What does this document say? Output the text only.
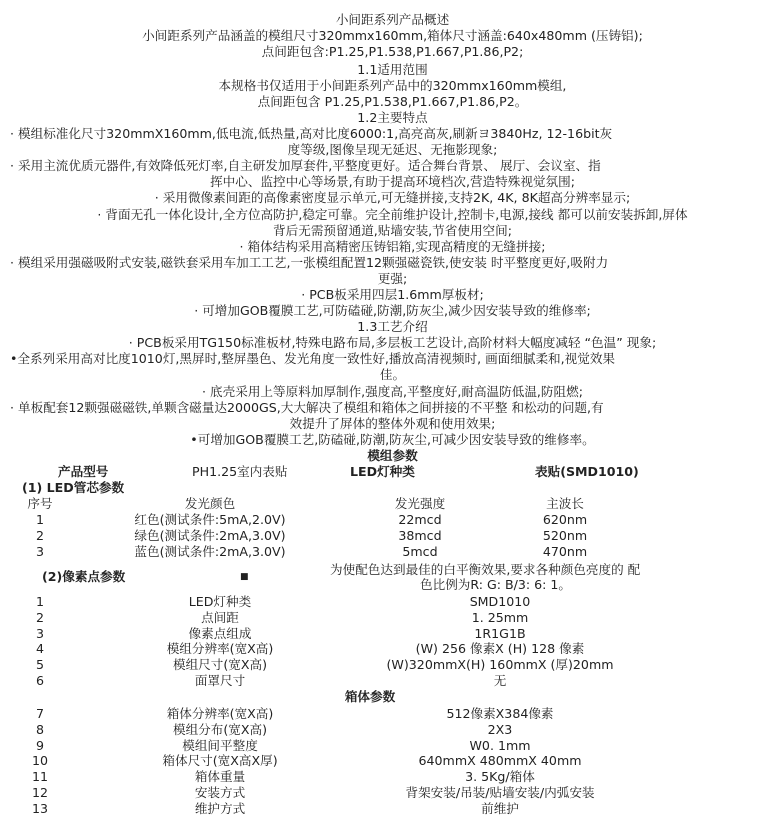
小间距系列产品概述
小间距系列产品涵盖的模组尺寸320mmx160mm,箱体尺寸涵盖:640x480mm (压铸铝);
点间距包含:P1.25,P1.538,P1.667,P1.86,P2;
1.1适用范围
本规格书仅适用于小间距系列产品中的320mmx160mm模组,
点间距包含 P1.25,P1.538,P1.667,P1.86,P2。
1.2主要特点
· 模组标准化尺寸320mmX160mm,低电流,低热量,高对比度6000:1,高亮高灰,刷新ヨ3840Hz, 12-16bit灰
度等级,图像呈现无延迟、无拖影现象;
· 采用主流优质元器件,有效降低死灯率,自主研发加厚套件,平整度更好。适合舞台背景、 展厅、会议室、指
挥中心、监控中心等场景,有助于提高环境档次,营造特殊视觉氛围;
· 采用微像素间距的高像素密度显示单元,可无缝拼接,支持2K, 4K, 8K超高分辨率显示;
· 背面无孔一体化设计,全方位高防护,稳定可靠。完全前维护设计,控制卡,电源,接线 都可以前安装拆卸,屏体
背后无需预留通道,贴墙安装,节省使用空间;
· 箱体结构采用高精密压铸铝箱,实现高精度的无缝拼接;
· 模组采用强磁吸附式安装,磁铁套采用车加工工艺,一张模组配置12颗强磁瓷铁,使安装 时平整度更好,吸附力
更强;
· PCB板采用四层1.6mm厚板材;
· 可增加GOB覆膜工艺,可防磕碰,防潮,防灰尘,减少因安装导致的维修率;
1.3工艺介绍
· PCB板采用TG150标准板材,特殊电路布局,多层板工艺设计,高阶材料大幅度减轻 “色温” 现象;
•全系列采用高对比度1010灯,黑屏时,整屏墨色、发光角度一致性好,播放高清视频时, 画面细腻柔和,视觉效果
佳。
· 底壳采用上等原料加厚制作,强度高,平整度好,耐高温防低温,防阻燃;
· 单板配套12颗强磁磁铁,单颗含磁量达2000GS,大大解决了模组和箱体之间拼接的不平整 和松动的问题,有
效提升了屏体的整体外观和使用效果;
•可增加GOB覆膜工艺,防磕碰,防潮,防灰尘,可减少因安装导致的维修率。
模组参数
产品型号	PH1.25室内表贴	LED灯种类	表贴(SMD1010)
(1) LED管芯参数
序号	发光颜色	发光强度	主波长
1	红色(测试条件:5mA,2.0V)	22mcd	620nm
2	绿色(测试条件:2mA,3.0V)	38mcd	520nm
3	蓝色(测试条件:2mA,3.0V)	5mcd	470nm
(2)像素点参数	■	为使配色达到最佳的白平衡效果,要求各种颜色亮度的 配
色比例为R: G: B/3: 6: 1。
1	LED灯种类	SMD1010
2	点间距	1. 25mm
3	像素点组成	1R1G1B
4	模组分辨率(宽X高)	(W) 256 像素X (H) 128 像素
5	模组尺寸(宽X高)	(W)320mmX(H) 160mmX (厚)20mm
6	面罩尺寸	无
箱体参数
7	箱体分辨率(宽X高)	512像素X384像素
8	模组分布(宽X高)	2X3
9	模组间平整度	W0. 1mm
10	箱体尺寸(宽X高X厚)	640mmX 480mmX 40mm
11	箱体重量	3. 5Kg/箱体
12	安装方式	背架安装/吊装/贴墙安装/内弧安装
13	维护方式	前维护
